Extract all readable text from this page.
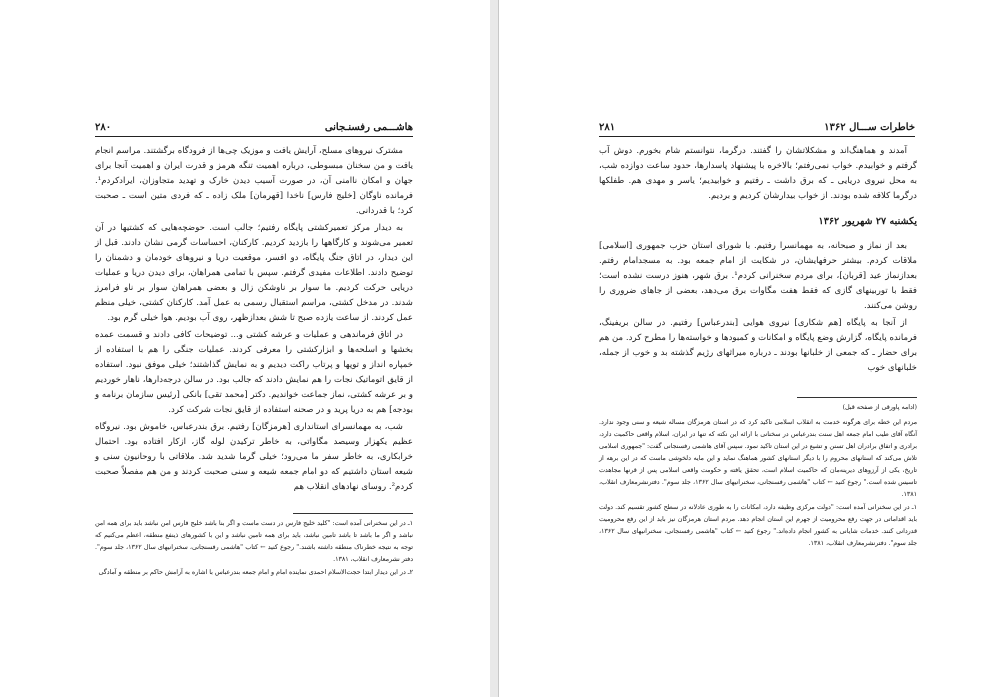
۲۸۰	هاشـــمی رفسنـجانی

مشترک نیروهای مسلح، آرایش یافت و موزیک چی‌ها از فرودگاه برگشتند. مراسم انجام یافت و من سخنان مبسوطی، درباره اهمیت تنگه هرمز و قدرت ایران و اهمیت آنجا برای جهان و امکان ناامنی آن، در صورت آسیب دیدن خارک و تهدید متجاوزان، ایرادکردم¹. فرمانده ناوگان [خلیج فارس] ناخدا [قهرمان] ملک زاده ـ که فردی متین است ـ صحبت کرد؛ با قدردانی.

به دیدار مرکز تعمیرکشتی پایگاه رفتیم؛ جالب است. حوضچه‌هایی که کشتیها در آن تعمیر می‌شوند و کارگاهها را بازدید کردیم. کارکنان، احساسات گرمی نشان دادند. قبل از این دیدار، در اتاق جنگ پایگاه، دو افسر، موقعیت دریا و نیروهای خودمان و دشمنان را توضیح دادند. اطلاعات مفیدی گرفتم. سپس با تمامی همراهان، برای دیدن دریا و عملیات دریایی حرکت کردیم. ما سوار بر ناوشکن زال و بعضی همراهان سوار بر ناو فرامرز شدند. در مدخل کشتی، مراسم استقبال رسمی به عمل آمد. کارکنان کشتی، خیلی منظم عمل کردند. از ساعت یازده صبح تا شش بعدازظهر، روی آب بودیم. هوا خیلی گرم بود.

در اتاق فرماندهی و عملیات و عرشه کشتی و... توضیحات کافی دادند و قسمت عمده بخشها و اسلحه‌ها و ابزارکشتی را معرفی کردند. عملیات جنگی را هم با استفاده از خمپاره انداز و توپها و پرتاب راکت دیدیم و به نمایش گذاشتند؛ خیلی موفق نبود. استفاده از قایق اتوماتیک نجات را هم نمایش دادند که جالب بود. در سالن درجه‌دارها، ناهار خوردیم و بر عرشه کشتی، نماز جماعت خواندیم. دکتر [محمد تقی] بانکی [رئیس سازمان برنامه و بودجه] هم به دریا پرید و در صحنه استفاده از قایق نجات شرکت کرد.

شب، به مهمانسرای استانداری [هرمزگان] رفتیم. برق بندرعباس، خاموش بود. نیروگاه عظیم یکهزار وسیصد مگاواتی، به خاطر ترکیدن لوله گاز، ازکار افتاده بود. احتمال خرابکاری، به خاطر سفر ما می‌رود؛ خیلی گرما شدید شد. ملاقاتی با روحانیون سنی و شیعه استان داشتیم که دو امام جمعه شیعه و سنی صحبت کردند و من هم مفصلاً صحبت کردم². روسای نهادهای انقلاب هم

۱ـ در این سخنرانی آمده است: "کلید خلیج فارس در دست ماست و اگر بنا باشد خلیج فارس امن نباشد باید برای همه امن نباشد و اگر ما باشد تا باشد تامین نباشد، باید برای همه تامین نباشد و این با کشورهای ذینفع منطقه، اعظم می‌کنیم که توجه به نتیجه خطرناک منطقه داشته باشند." رجوع کنید ← کتاب "هاشمی رفسنجانی، سخنرانیهای سال ۱۳۶۲، جلد سوم". دفتر نشرمعارف انقلاب، ۱۳۸۱.

۲ـ در این دیدار ابتدا حجت‌الاسلام احمدی نماینده امام و امام جمعه بندرعباس با اشاره به آرامش حاکم بر منطقه و آمادگی

۲۸۱	خاطرات ســـال ۱۳۶۲

آمدند و هماهنگ‌اند و مشکلاتشان را گفتند. درگرما، نتوانستم شام بخورم. دوش آب گرفتم و خوابیدم. خواب نمی‌رفتم؛ بالاخره با پیشنهاد پاسدارها، حدود ساعت دوازده شب، به محل نیروی دریایی ـ که برق داشت ـ رفتیم و خوابیدیم؛ یاسر و مهدی هم. طفلکها درگرما کلافه شده بودند. از خواب بیدارشان کردیم و بردیم.

یکشنبه ۲۷ شهریور ۱۳۶۲

بعد از نماز و صبحانه، به مهمانسرا رفتیم. با شورای استان حزب جمهوری [اسلامی] ملاقات کردم. بیشتر حرفهایشان، در شکایت از امام جمعه بود. به مسجدامام رفتم. بعدازنماز عید [قربان]، برای مردم سخنرانی کردم¹. برق شهر، هنوز درست نشده است؛ فقط با توربینهای گازی که فقط هفت مگاوات برق می‌دهد، بعضی از جاهای ضروری را روشن می‌کنند.

از آنجا به پایگاه [هم شکاری] نیروی هوایی [بندرعباس] رفتیم. در سالن بریفینگ، فرمانده پایگاه، گزارش وضع پایگاه و امکانات و کمبودها و خواسته‌ها را مطرح کرد. من هم برای حضار ـ که جمعی از خلبانها بودند ـ درباره میراثهای رژیم گذشته بد و خوب از جمله، خلبانهای خوب

(ادامه پاورقی از صفحه قبل)

مردم این خطه برای هرگونه خدمت به انقلاب اسلامی تاکید کرد که در استان هرمزگان مساله شیعه و سنی وجود ندارد. آنگاه آقای طیب امام جمعه اهل سنت بندرعباس در سخنانی با ارائه این نکته که تنها در ایران، اسلام واقعی حاکمیت دارد، برادری و اتفاق برادران اهل تسنن و تشیع در این استان تاکید نمود. سپس آقای هاشمی رفسنجانی گفت: "جمهوری اسلامی تلاش می‌کند که استانهای محروم را با دیگر استانهای کشور هماهنگ نماید و این مایه دلخوشی ماست که در این برهه از تاریخ، یکی از آرزوهای دیرینه‌مان که حاکمیت اسلام است، تحقق یافته و حکومت واقعی اسلامی پس از قرنها مجاهدت تاسیس شده است." رجوع کنید ← کتاب "هاشمی رفسنجانی، سخنرانیهای سال ۱۳۶۲، جلد سوم". دفترنشرمعارف انقلاب، ۱۳۸۱.

۱ـ در این سخنرانی آمده است: "دولت مرکزی وظیفه دارد، امکانات را به طوری عادلانه در سطح کشور تقسیم کند. دولت باید اقداماتی در جهت رفع محرومیت از جهرم این استان انجام دهد. مردم استان هرمزگان نیز باید از این رفع محرومیت قدردانی کنند. خدمات شایانی به کشور انجام داده‌اند." رجوع کنید ← کتاب "هاشمی رفسنجانی، سخنرانیهای سال ۱۳۶۲، جلد سوم". دفترنشرمعارف انقلاب، ۱۳۸۱.
